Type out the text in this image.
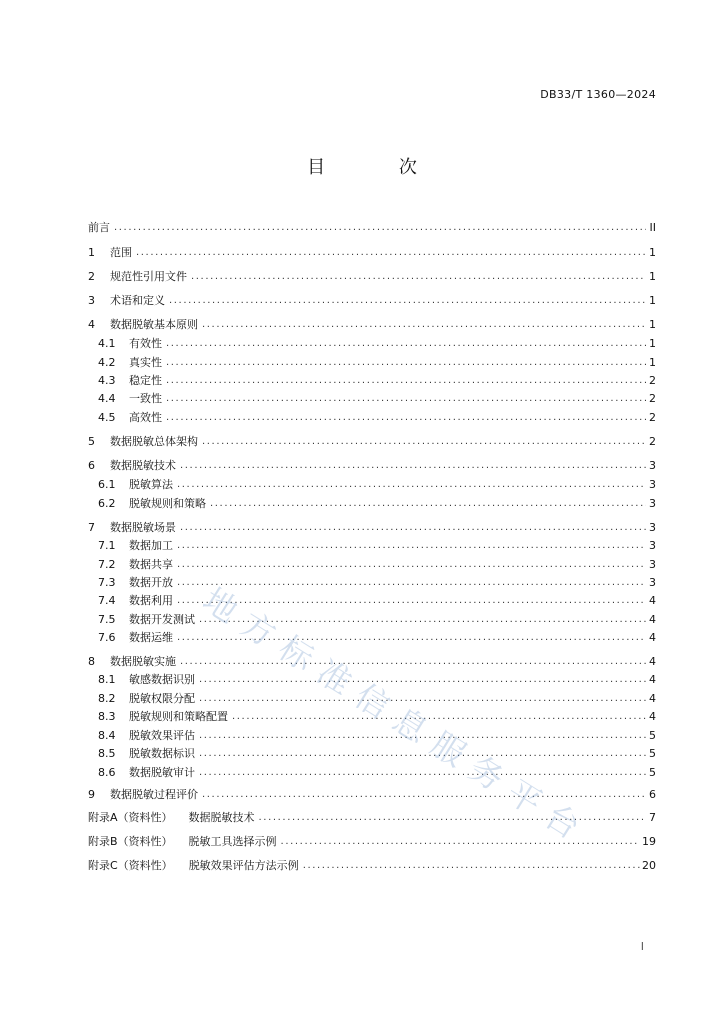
DB33/T 1360—2024
目 次
前言 .....	II
1 范围 .....	1
2 规范性引用文件 .....	1
3 术语和定义 .....	1
4 数据脱敏基本原则 .....	1
4.1 有效性 .....	1
4.2 真实性 .....	1
4.3 稳定性 .....	2
4.4 一致性 .....	2
4.5 高效性 .....	2
5 数据脱敏总体架构 .....	2
6 数据脱敏技术 .....	3
6.1 脱敏算法 .....	3
6.2 脱敏规则和策略 .....	3
7 数据脱敏场景 .....	3
7.1 数据加工 .....	3
7.2 数据共享 .....	3
7.3 数据开放 .....	3
7.4 数据利用 .....	4
7.5 数据开发测试 .....	4
7.6 数据运维 .....	4
8 数据脱敏实施 .....	4
8.1 敏感数据识别 .....	4
8.2 脱敏权限分配 .....	4
8.3 脱敏规则和策略配置 .....	4
8.4 脱敏效果评估 .....	5
8.5 脱敏数据标识 .....	5
8.6 数据脱敏审计 .....	5
9 数据脱敏过程评价 .....	6
附录A（资料性） 数据脱敏技术 .....	7
附录B（资料性） 脱敏工具选择示例 .....	19
附录C（资料性） 脱敏效果评估方法示例 .....	20
地
方
标
准
信
息
服
务
平
台
I
